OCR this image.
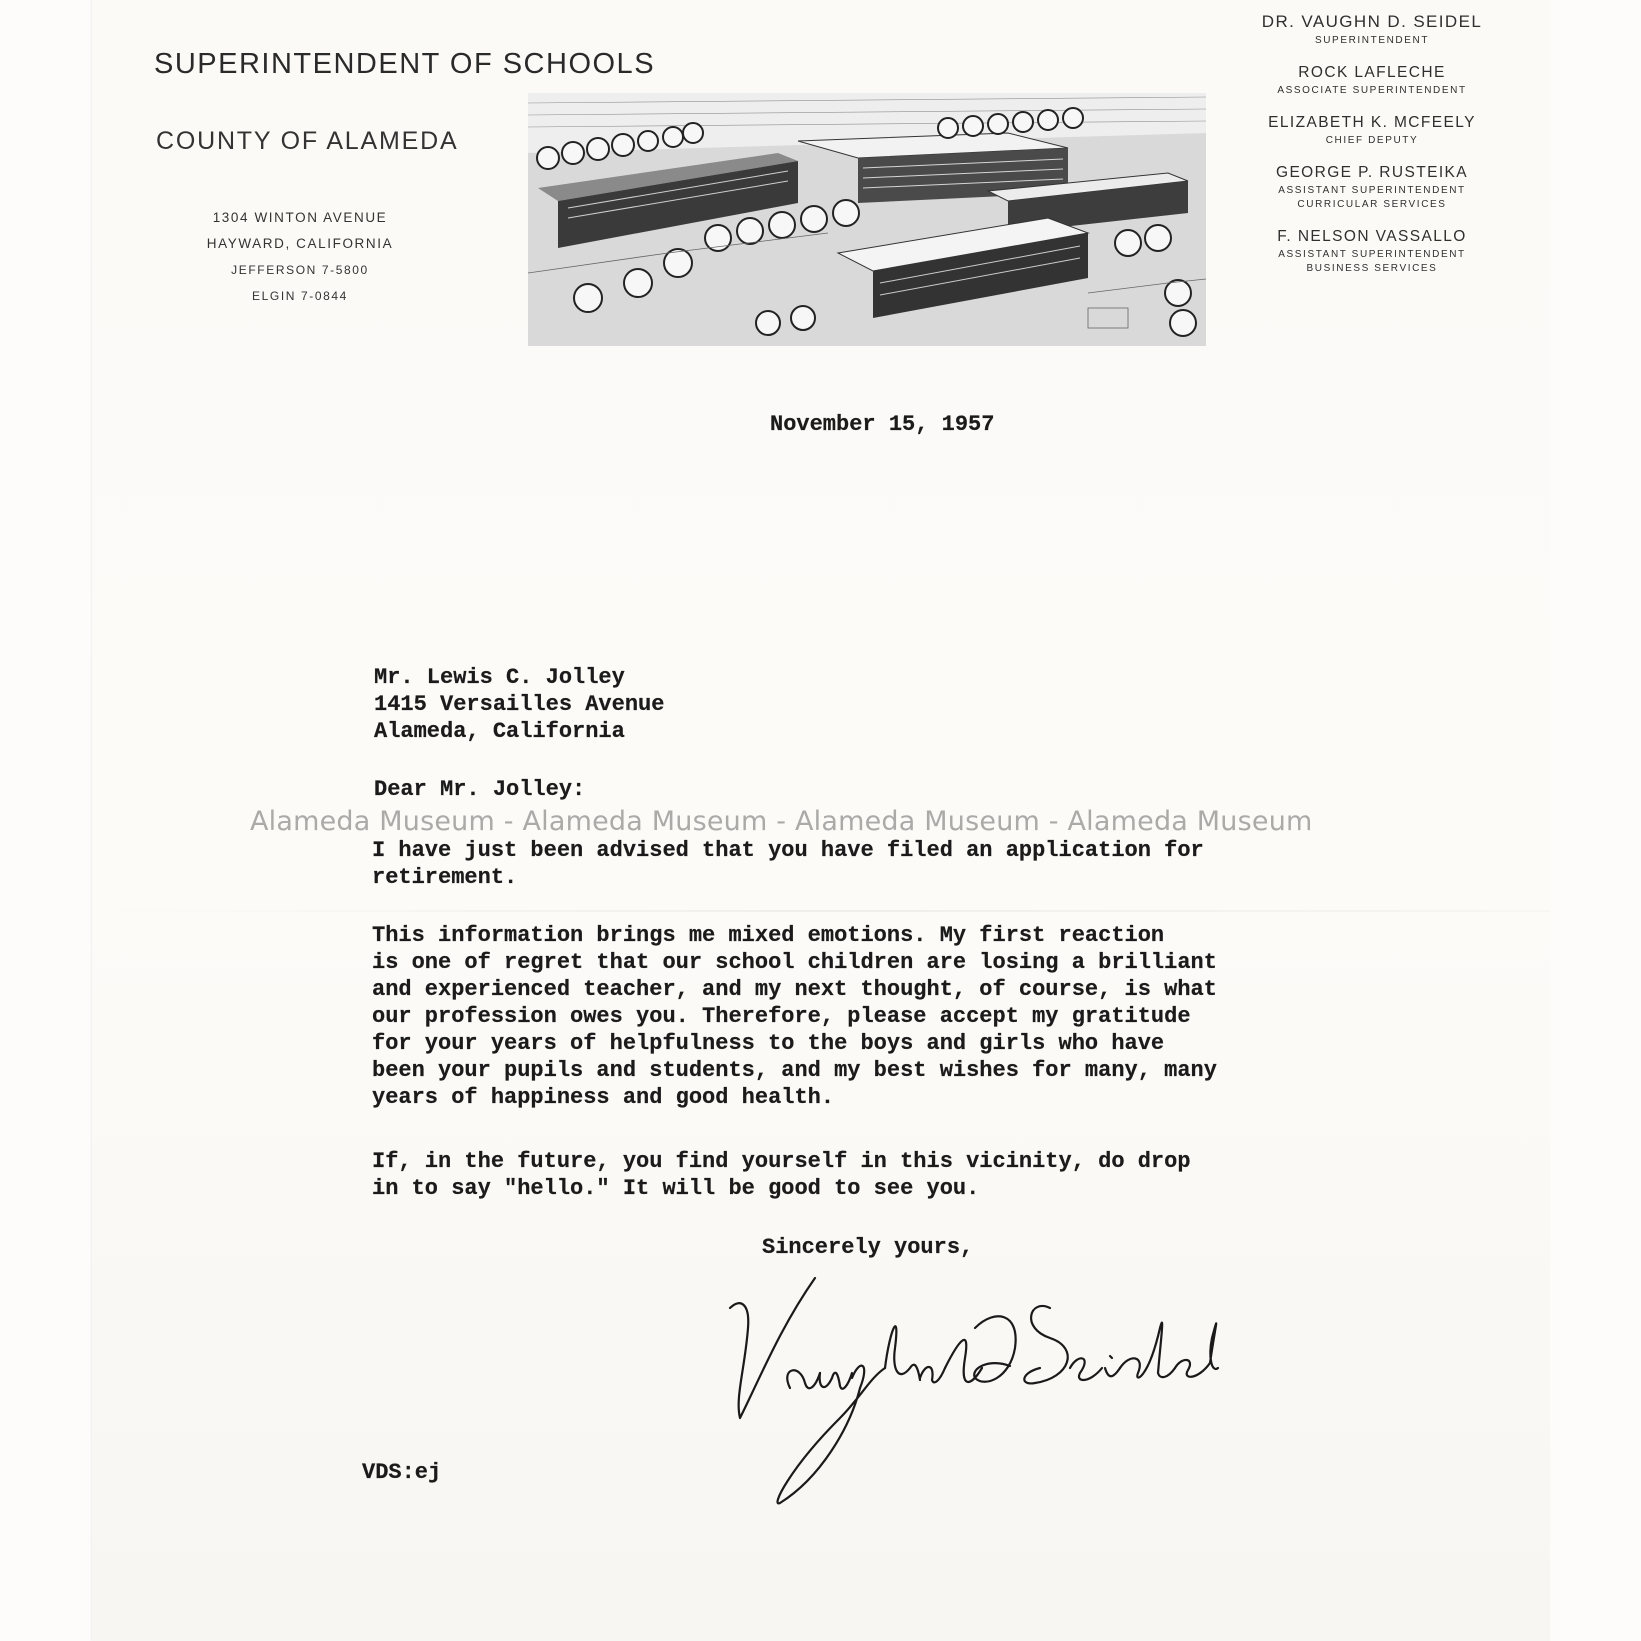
SUPERINTENDENT OF SCHOOLS
COUNTY OF ALAMEDA
1304 WINTON AVENUE
HAYWARD, CALIFORNIA
JEFFERSON 7-5800
ELGIN 7-0844
DR. VAUGHN D. SEIDEL
SUPERINTENDENT
ROCK LAFLECHE
ASSOCIATE SUPERINTENDENT
ELIZABETH K. MCFEELY
CHIEF DEPUTY
GEORGE P. RUSTEIKA
ASSISTANT SUPERINTENDENT
CURRICULAR SERVICES
F. NELSON VASSALLO
ASSISTANT SUPERINTENDENT
BUSINESS SERVICES
November 15, 1957
Mr. Lewis C. Jolley
1415 Versailles Avenue
Alameda, California
Dear Mr. Jolley:
I have just been advised that you have filed an application for
retirement.
This information brings me mixed emotions. My first reaction
is one of regret that our school children are losing a brilliant
and experienced teacher, and my next thought, of course, is what
our profession owes you. Therefore, please accept my gratitude
for your years of helpfulness to the boys and girls who have
been your pupils and students, and my best wishes for many, many
years of happiness and good health.
If, in the future, you find yourself in this vicinity, do drop
in to say "hello." It will be good to see you.
Sincerely yours,
VDS:ej
Alameda Museum - Alameda Museum - Alameda Museum - Alameda Museum
